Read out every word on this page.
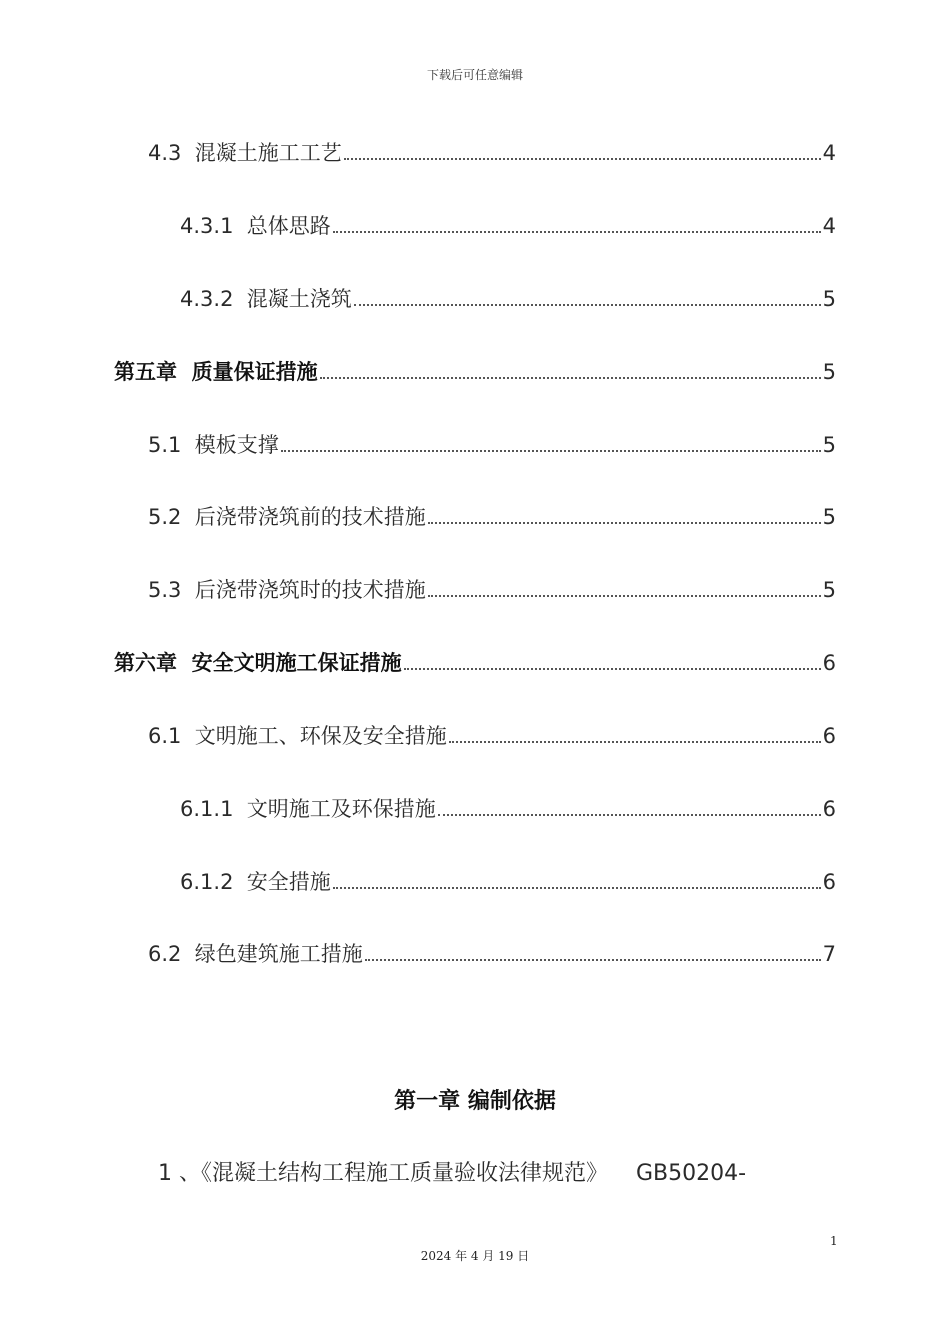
下载后可任意编辑
4.3 混凝土施工工艺	4
4.3.1 总体思路	4
4.3.2 混凝土浇筑	5
第五章 质量保证措施	5
5.1 模板支撑	5
5.2 后浇带浇筑前的技术措施	5
5.3 后浇带浇筑时的技术措施	5
第六章 安全文明施工保证措施	6
6.1 文明施工、环保及安全措施	6
6.1.1 文明施工及环保措施	6
6.1.2 安全措施	6
6.2 绿色建筑施工措施	7
第一章 编制依据
1 、《混凝土结构工程施工质量验收法律规范》    GB50204-
1
2024 年 4 月 19 日
